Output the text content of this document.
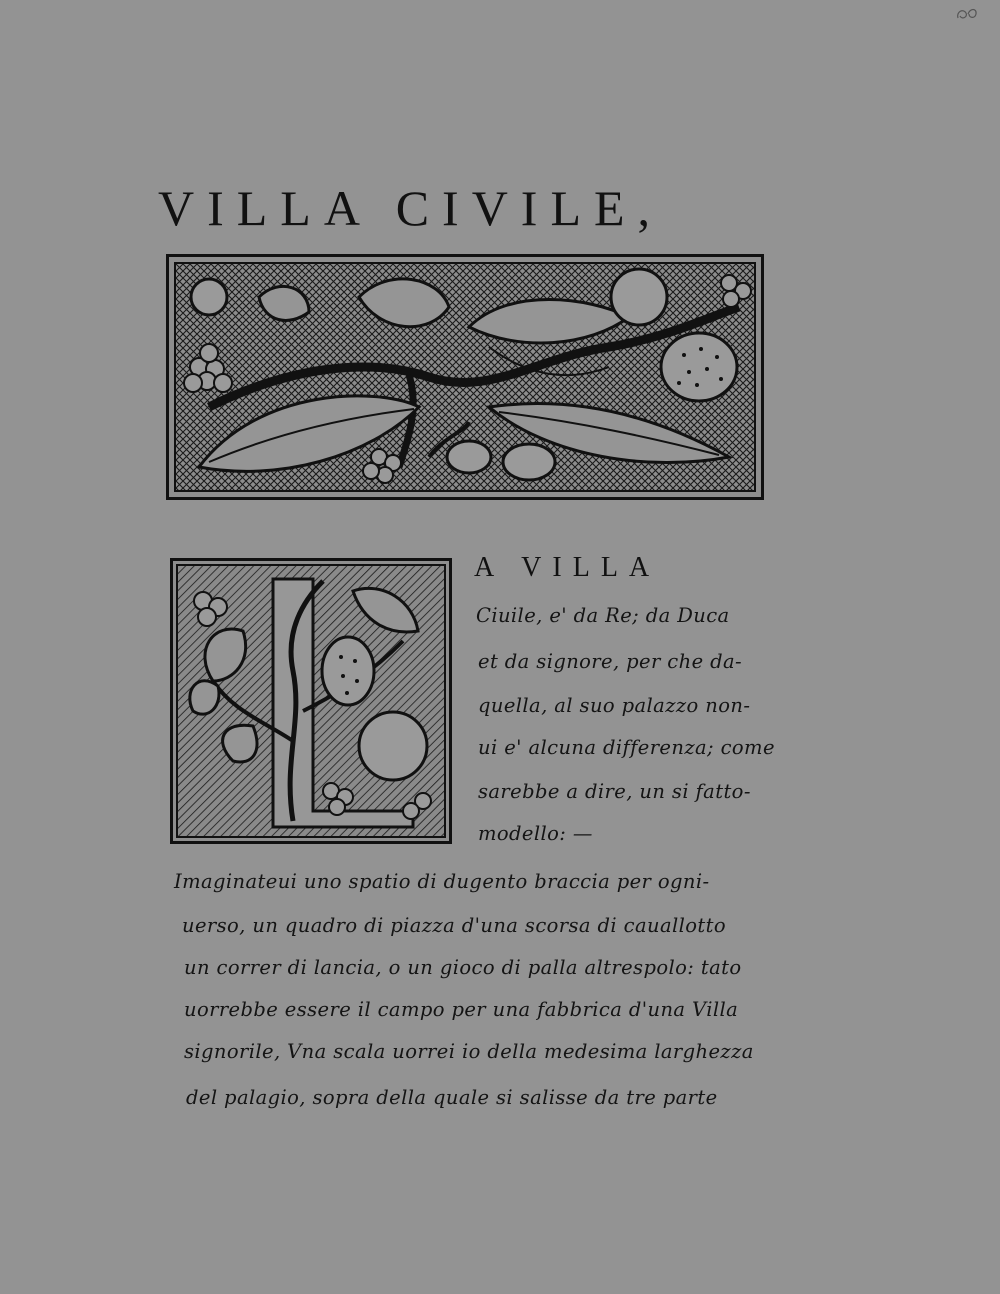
VILLA CIVILE,
A VILLA
Ciuile, e' da Re; da Duca
et da signore, per che da-
quella, al suo palazzo non-
ui e' alcuna differenza; come
sarebbe a dire, un si fatto-
modello: —
Imaginateui uno spatio di dugento braccia per ogni-
uerso, un quadro di piazza d'una scorsa di cauallotto
un correr di lancia, o un gioco di palla altrespolo: tato
uorrebbe essere il campo per una fabbrica d'una Villa
signorile, Vna scala uorrei io della medesima larghezza
del palagio, sopra della quale si salisse da tre parte
